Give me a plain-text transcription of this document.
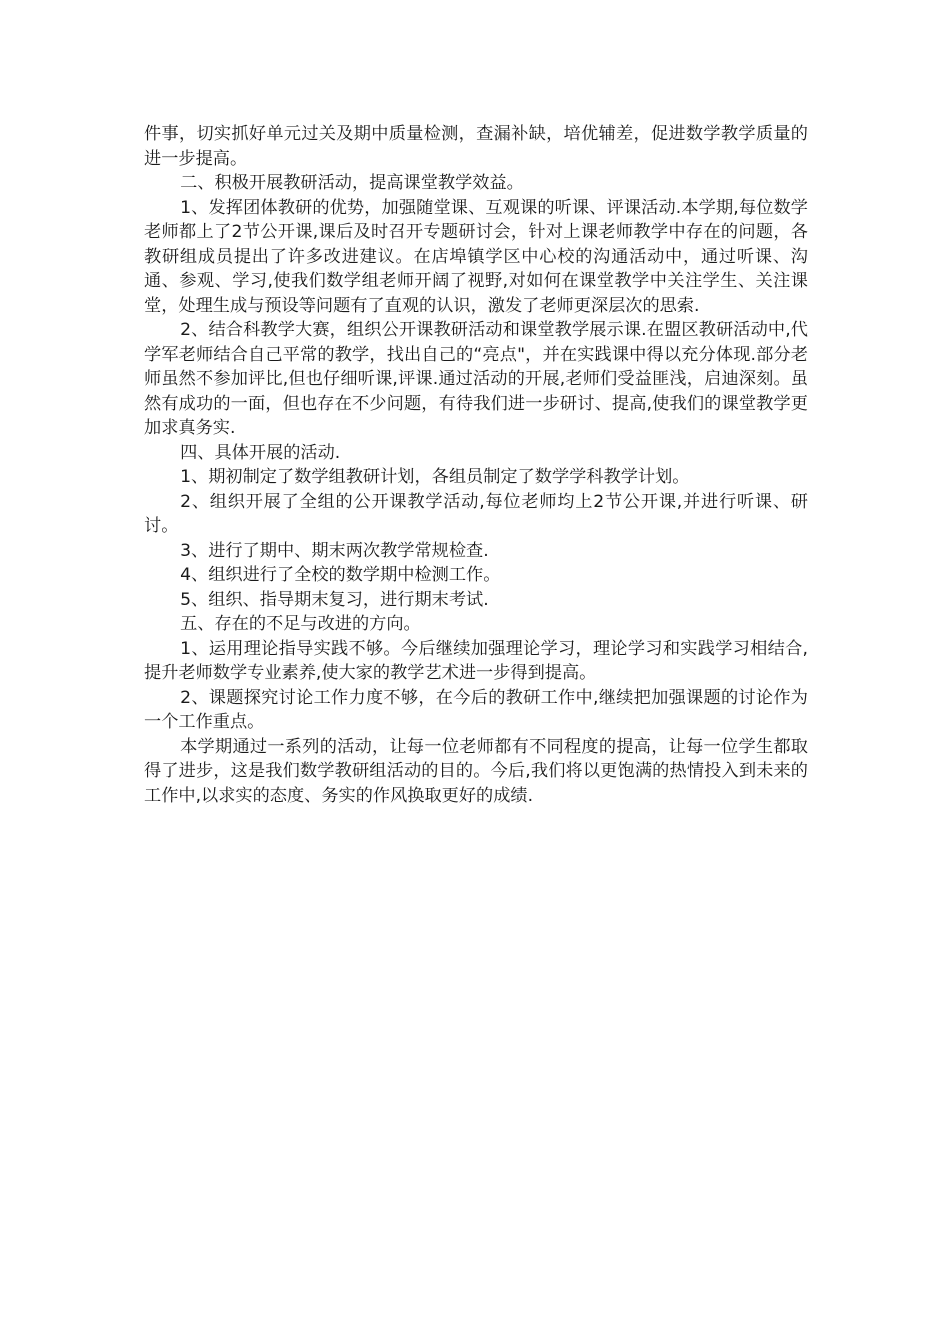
件事，切实抓好单元过关及期中质量检测，查漏补缺，培优辅差，促进数学教学质量的进一步提高。

二、积极开展教研活动，提高课堂教学效益。

1、发挥团体教研的优势，加强随堂课、互观课的听课、评课活动.本学期,每位数学老师都上了2节公开课,课后及时召开专题研讨会，针对上课老师教学中存在的问题，各教研组成员提出了许多改进建议。在店埠镇学区中心校的沟通活动中，通过听课、沟通、参观、学习,使我们数学组老师开阔了视野,对如何在课堂教学中关注学生、关注课堂，处理生成与预设等问题有了直观的认识，激发了老师更深层次的思索.

2、结合科教学大赛，组织公开课教研活动和课堂教学展示课.在盟区教研活动中,代学军老师结合自己平常的教学，找出自己的“亮点"，并在实践课中得以充分体现.部分老师虽然不参加评比,但也仔细听课,评课.通过活动的开展,老师们受益匪浅，启迪深刻。虽然有成功的一面，但也存在不少问题，有待我们进一步研讨、提高,使我们的课堂教学更加求真务实.

四、具体开展的活动.

1、期初制定了数学组教研计划，各组员制定了数学学科教学计划。

2、组织开展了全组的公开课教学活动,每位老师均上2节公开课,并进行听课、研讨。

3、进行了期中、期末两次教学常规检查.

4、组织进行了全校的数学期中检测工作。

5、组织、指导期末复习，进行期末考试.

五、存在的不足与改进的方向。

1、运用理论指导实践不够。今后继续加强理论学习，理论学习和实践学习相结合,提升老师数学专业素养,使大家的教学艺术进一步得到提高。

2、课题探究讨论工作力度不够，在今后的教研工作中,继续把加强课题的讨论作为一个工作重点。

本学期通过一系列的活动，让每一位老师都有不同程度的提高，让每一位学生都取得了进步，这是我们数学教研组活动的目的。今后,我们将以更饱满的热情投入到未来的工作中,以求实的态度、务实的作风换取更好的成绩.
